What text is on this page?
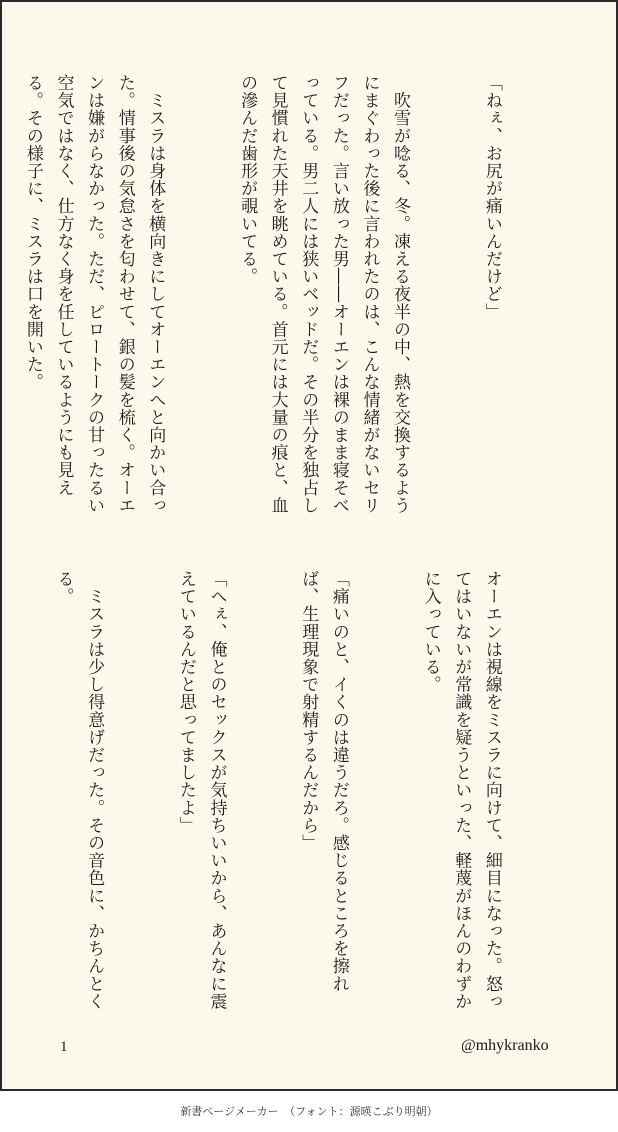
「ねぇ、お尻が痛いんだけど」

　吹雪が唸る、冬。凍える夜半の中、熱を交換するようにまぐわった後に言われたのは、こんな情緒がないセリフだった。言い放った男――オーエンは裸のまま寝そべっている。男二人には狭いベッドだ。その半分を独占して見慣れた天井を眺めている。首元には大量の痕と、血の滲んだ歯形が覗いてる。

　ミスラは身体を横向きにしてオーエンへと向かい合った。情事後の気怠さを匂わせて、銀の髪を梳く。オーエンは嫌がらなかった。ただ、ピロートークの甘ったるい空気ではなく、仕方なく身を任しているようにも見える。その様子に、ミスラは口を開いた。

オーエンは視線をミスラに向けて、細目になった。怒ってはいないが常識を疑うといった、軽蔑がほんのわずかに入っている。

「痛いのと、イくのは違うだろ。感じるところを擦れば、生理現象で射精するんだから」

「へぇ、俺とのセックスが気持ちいいから、あんなに震えているんだと思ってましたよ」

　ミスラは少し得意げだった。その音色に、かちんとくる。

1	@mhykranko
新書ページメーカー　（フォント：源暎こぶり明朝）
